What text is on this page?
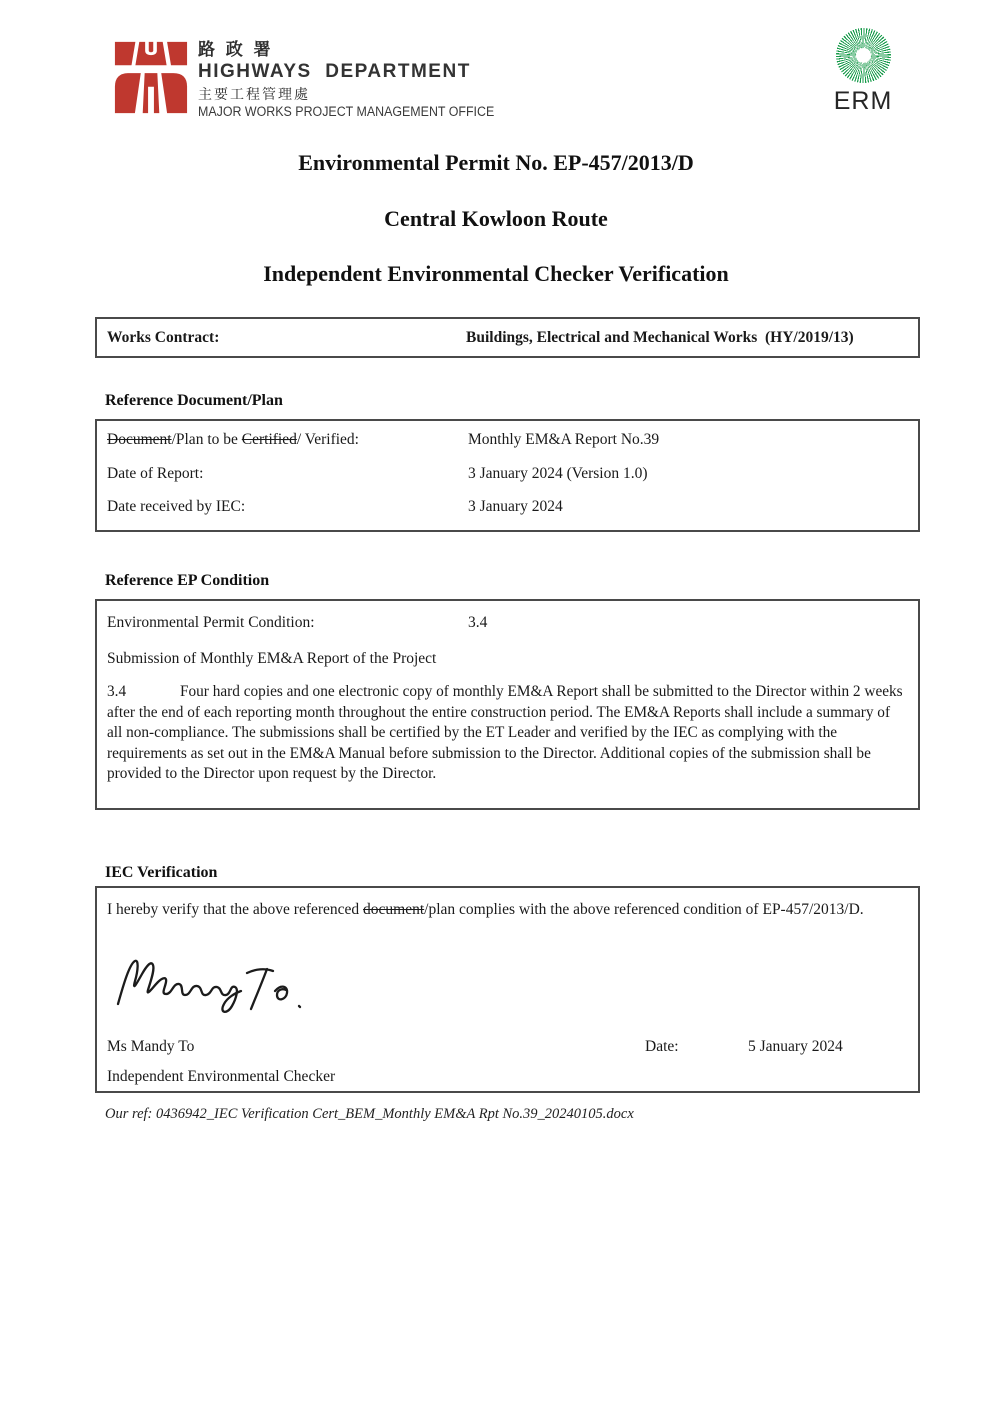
路 政 署
HIGHWAYS  DEPARTMENT
主要工程管理處
MAJOR WORKS PROJECT MANAGEMENT OFFICE	ERM
Environmental Permit No. EP-457/2013/D
Central Kowloon Route
Independent Environmental Checker Verification
Works Contract:	Buildings, Electrical and Mechanical Works  (HY/2019/13)
Reference Document/Plan
Document/Plan to be Certified/ Verified:	Monthly EM&A Report No.39
Date of Report:	3 January 2024 (Version 1.0)
Date received by IEC:	3 January 2024
Reference EP Condition
Environmental Permit Condition:	3.4
Submission of Monthly EM&A Report of the Project
3.4	Four hard copies and one electronic copy of monthly EM&A Report shall be submitted to the Director within 2 weeks after the end of each reporting month throughout the entire construction period. The EM&A Reports shall include a summary of all non-compliance. The submissions shall be certified by the ET Leader and verified by the IEC as complying with the requirements as set out in the EM&A Manual before submission to the Director. Additional copies of the submission shall be provided to the Director upon request by the Director.
IEC Verification
I hereby verify that the above referenced document/plan complies with the above referenced condition of EP-457/2013/D.
Ms Mandy To	Date:	5 January 2024
Independent Environmental Checker
Our ref: 0436942_IEC Verification Cert_BEM_Monthly EM&A Rpt No.39_20240105.docx
